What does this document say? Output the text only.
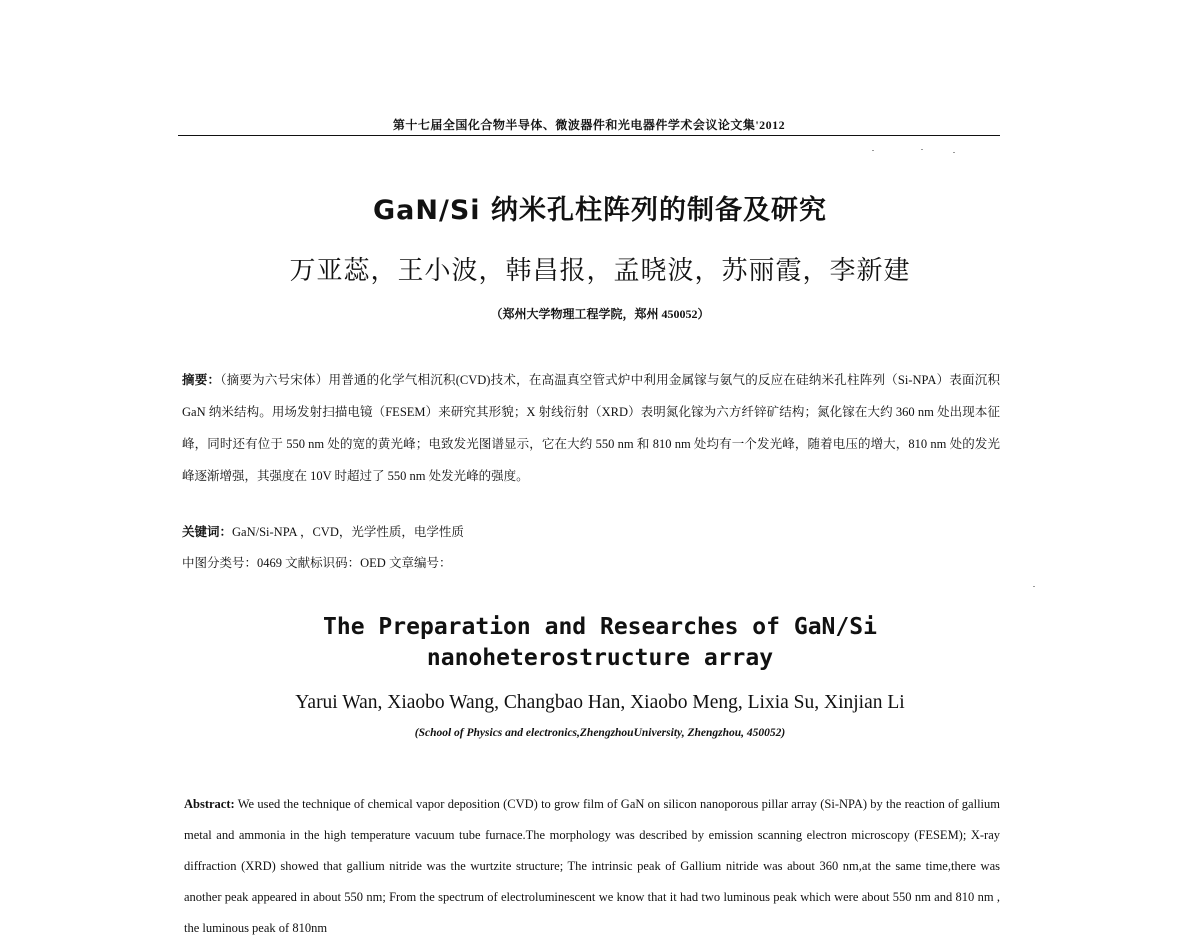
第十七届全国化合物半导体、微波器件和光电器件学术会议论文集'2012
GaN/Si 纳米孔柱阵列的制备及研究
万亚蕊，王小波，韩昌报，孟晓波，苏丽霞，李新建
（郑州大学物理工程学院，郑州 450052）
摘要：（摘要为六号宋体）用普通的化学气相沉积(CVD)技术，在高温真空管式炉中利用金属镓与氨气的反应在硅纳米孔柱阵列（Si-NPA）表面沉积 GaN 纳米结构。用场发射扫描电镜（FESEM）来研究其形貌；X 射线衍射（XRD）表明氮化镓为六方纤锌矿结构；氮化镓在大约 360 nm 处出现本征峰，同时还有位于 550 nm 处的宽的黄光峰；电致发光图谱显示，它在大约 550 nm 和 810 nm 处均有一个发光峰，随着电压的增大，810 nm 处的发光峰逐渐增强，其强度在 10V 时超过了 550 nm 处发光峰的强度。
关键词：GaN/Si-NPA ，CVD，光学性质，电学性质
中图分类号：0469 文献标识码：OED 文章编号：
The Preparation and Researches of GaN/Si
nanoheterostructure array
Yarui Wan, Xiaobo Wang, Changbao Han, Xiaobo Meng, Lixia Su, Xinjian Li
(School of Physics and electronics,ZhengzhouUniversity, Zhengzhou, 450052)
Abstract: We used the technique of chemical vapor deposition (CVD) to grow film of GaN on silicon nanoporous pillar array (Si-NPA) by the reaction of gallium metal and ammonia in the high temperature vacuum tube furnace.The morphology was described by emission scanning electron microscopy (FESEM); X-ray diffraction (XRD) showed that gallium nitride was the wurtzite structure; The intrinsic peak of Gallium nitride was about 360 nm,at the same time,there was another peak appeared in about 550 nm; From the spectrum of electroluminescent we know that it had two luminous peak which were about 550 nm and 810 nm , the luminous peak of 810nm
